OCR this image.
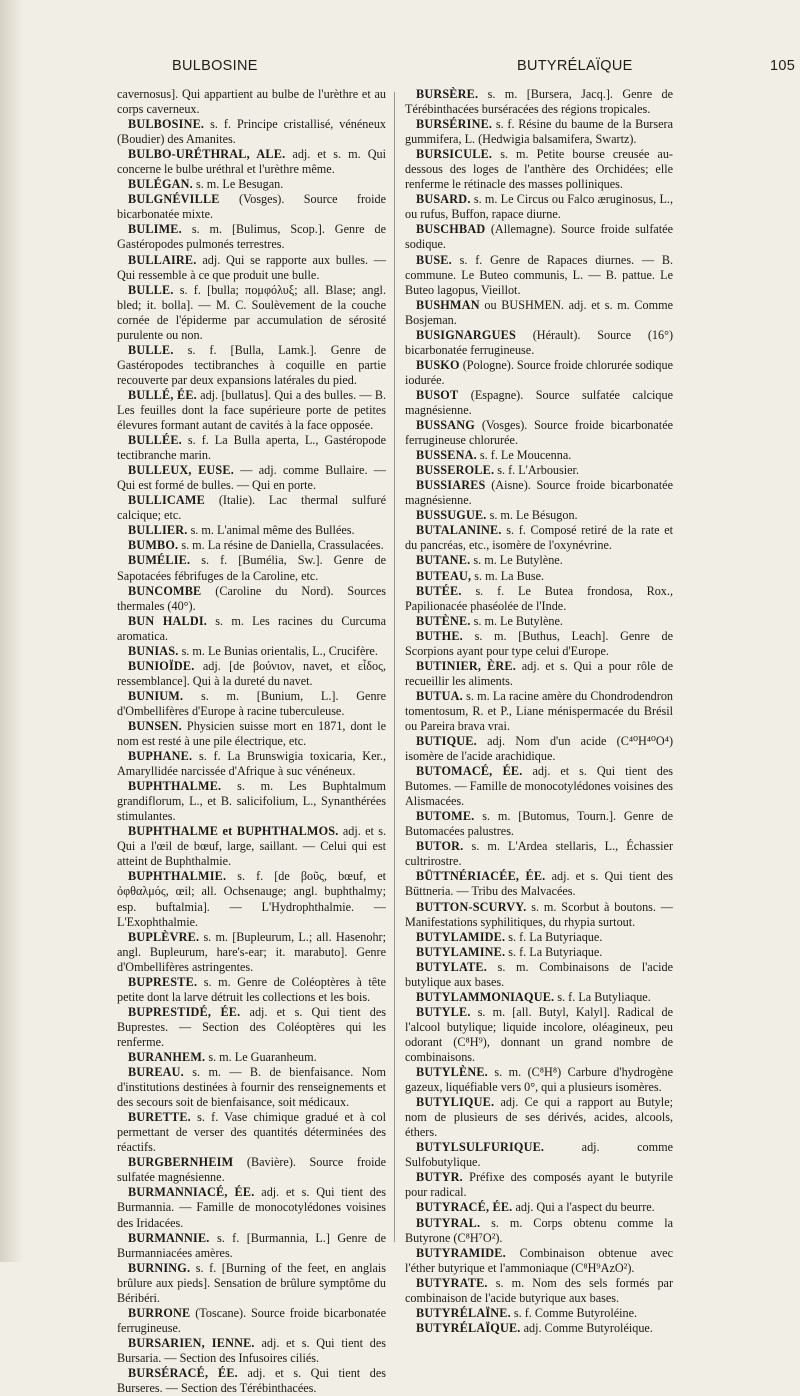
BULBOSINE	BUTYRÉLAÏQUE	105

cavernosus]. Qui appartient au bulbe de l'urèthre et au corps caverneux.

BULBOSINE. s. f. Principe cristallisé, vénéneux (Boudier) des Amanites.

BULBO-URÉTHRAL, ALE. adj. et s. m. Qui concerne le bulbe uréthral et l'urèthre même.

BULÉGAN. s. m. Le Besugan.

BULGNÉVILLE (Vosges). Source froide bicarbonatée mixte.

BULIME. s. m. [Bulimus, Scop.]. Genre de Gastéropodes pulmonés terrestres.

BULLAIRE. adj. Qui se rapporte aux bulles. — Qui ressemble à ce que produit une bulle.

BULLE. s. f. [bulla; πομφόλυξ; all. Blase; angl. bled; it. bolla]. — M. C. Soulèvement de la couche cornée de l'épiderme par accumulation de sérosité purulente ou non.

BULLE. s. f. [Bulla, Lamk.]. Genre de Gastéropodes tectibranches à coquille en partie recouverte par deux expansions latérales du pied.

BULLÉ, ÉE. adj. [bullatus]. Qui a des bulles. — B. Les feuilles dont la face supérieure porte de petites élevures formant autant de cavités à la face opposée.

BULLÉE. s. f. La Bulla aperta, L., Gastéropode tectibranche marin.

BULLEUX, EUSE. — adj. comme Bullaire. — Qui est formé de bulles. — Qui en porte.

BULLICAME (Italie). Lac thermal sulfuré calcique; etc.

BULLIER. s. m. L'animal même des Bullées.

BUMBO. s. m. La résine de Daniella, Crassulacées.

BUMÉLIE. s. f. [Bumélia, Sw.]. Genre de Sapotacées fébrifuges de la Caroline, etc.

BUNCOMBE (Caroline du Nord). Sources thermales (40°).

BUN HALDI. s. m. Les racines du Curcuma aromatica.

BUNIAS. s. m. Le Bunias orientalis, L., Crucifère.

BUNIOÏDE. adj. [de βούνιον, navet, et εἶδος, ressemblance]. Qui à la dureté du navet.

BUNIUM. s. m. [Bunium, L.]. Genre d'Ombellifères d'Europe à racine tuberculeuse.

BUNSEN. Physicien suisse mort en 1871, dont le nom est resté à une pile électrique, etc.

BUPHANE. s. f. La Brunswigia toxicaria, Ker., Amaryllidée narcissée d'Afrique à suc vénéneux.

BUPHTHALME. s. m. Les Buphtalmum grandiflorum, L., et B. salicifolium, L., Synanthérées stimulantes.

BUPHTHALME et BUPHTHALMOS. adj. et s. Qui a l'œil de bœuf, large, saillant. — Celui qui est atteint de Buphthalmie.

BUPHTHALMIE. s. f. [de βοῦς, bœuf, et ὀφθαλμός, œil; all. Ochsenauge; angl. buphthalmy; esp. buftalmia]. — L'Hydrophthalmie. — L'Exophthalmie.

BUPLÈVRE. s. m. [Bupleurum, L.; all. Hasenohr; angl. Bupleurum, hare's-ear; it. marabuto]. Genre d'Ombellifères astringentes.

BUPRESTE. s. m. Genre de Coléoptères à tête petite dont la larve détruit les collections et les bois.

BUPRESTIDÉ, ÉE. adj. et s. Qui tient des Buprestes. — Section des Coléoptères qui les renferme.

BURANHEM. s. m. Le Guaranheum.

BUREAU. s. m. — B. de bienfaisance. Nom d'institutions destinées à fournir des renseignements et des secours soit de bienfaisance, soit médicaux.

BURETTE. s. f. Vase chimique gradué et à col permettant de verser des quantités déterminées des réactifs.

BURGBERNHEIM (Bavière). Source froide sulfatée magnésienne.

BURMANNIACÉ, ÉE. adj. et s. Qui tient des Burmannia. — Famille de monocotylédones voisines des Iridacées.

BURMANNIE. s. f. [Burmannia, L.] Genre de Burmanniacées amères.

BURNING. s. f. [Burning of the feet, en anglais brûlure aux pieds]. Sensation de brûlure symptôme du Béribéri.

BURRONE (Toscane). Source froide bicarbonatée ferrugineuse.

BURSARIEN, IENNE. adj. et s. Qui tient des Bursaria. — Section des Infusoires ciliés.

BURSÉRACÉ, ÉE. adj. et s. Qui tient des Burseres. — Section des Térébinthacées.

BURSÈRE. s. m. [Bursera, Jacq.]. Genre de Térébinthacées burséracées des régions tropicales.

BURSÉRINE. s. f. Résine du baume de la Bursera gummifera, L. (Hedwigia balsamifera, Swartz).

BURSICULE. s. m. Petite bourse creusée au-dessous des loges de l'anthère des Orchidées; elle renferme le rétinacle des masses polliniques.

BUSARD. s. m. Le Circus ou Falco æruginosus, L., ou rufus, Buffon, rapace diurne.

BUSCHBAD (Allemagne). Source froide sulfatée sodique.

BUSE. s. f. Genre de Rapaces diurnes. — B. commune. Le Buteo communis, L. — B. pattue. Le Buteo lagopus, Vieillot.

BUSHMAN ou BUSHMEN. adj. et s. m. Comme Bosjeman.

BUSIGNARGUES (Hérault). Source (16°) bicarbonatée ferrugineuse.

BUSKO (Pologne). Source froide chlorurée sodique iodurée.

BUSOT (Espagne). Source sulfatée calcique magnésienne.

BUSSANG (Vosges). Source froide bicarbonatée ferrugineuse chlorurée.

BUSSENA. s. f. Le Moucenna.

BUSSEROLE. s. f. L'Arbousier.

BUSSIARES (Aisne). Source froide bicarbonatée magnésienne.

BUSSUGUE. s. m. Le Bésugon.

BUTALANINE. s. f. Composé retiré de la rate et du pancréas, etc., isomère de l'oxynévrine.

BUTANE. s. m. Le Butylène.

BUTEAU, s. m. La Buse.

BUTÉE. s. f. Le Butea frondosa, Rox., Papilionacée phaséolée de l'Inde.

BUTÈNE. s. m. Le Butylène.

BUTHE. s. m. [Buthus, Leach]. Genre de Scorpions ayant pour type celui d'Europe.

BUTINIER, ÈRE. adj. et s. Qui a pour rôle de recueillir les aliments.

BUTUA. s. m. La racine amère du Chondrodendron tomentosum, R. et P., Liane ménispermacée du Brésil ou Pareira brava vrai.

BUTIQUE. adj. Nom d'un acide (C⁴⁰H⁴⁰O⁴) isomère de l'acide arachidique.

BUTOMACÉ, ÉE. adj. et s. Qui tient des Butomes. — Famille de monocotylédones voisines des Alismacées.

BUTOME. s. m. [Butomus, Tourn.]. Genre de Butomacées palustres.

BUTOR. s. m. L'Ardea stellaris, L., Échassier cultrirostre.

BÜTTNÉRIACÉE, ÉE. adj. et s. Qui tient des Büttneria. — Tribu des Malvacées.

BUTTON-SCURVY. s. m. Scorbut à boutons. — Manifestations syphilitiques, du rhypia surtout.

BUTYLAMIDE. s. f. La Butyriaque.

BUTYLAMINE. s. f. La Butyriaque.

BUTYLATE. s. m. Combinaisons de l'acide butylique aux bases.

BUTYLAMMONIAQUE. s. f. La Butyliaque.

BUTYLE. s. m. [all. Butyl, Kalyl]. Radical de l'alcool butylique; liquide incolore, oléagineux, peu odorant (C⁸H⁹), donnant un grand nombre de combinaisons.

BUTYLÈNE. s. m. (C⁸H⁸) Carbure d'hydrogène gazeux, liquéfiable vers 0°, qui a plusieurs isomères.

BUTYLIQUE. adj. Ce qui a rapport au Butyle; nom de plusieurs de ses dérivés, acides, alcools, éthers.

BUTYLSULFURIQUE.	adj. comme Sulfobutylique.

BUTYR. Préfixe des composés ayant le butyrile pour radical.

BUTYRACÉ, ÉE. adj. Qui a l'aspect du beurre.

BUTYRAL. s. m. Corps obtenu comme la Butyrone (C⁸H⁷O²).

BUTYRAMIDE. Combinaison obtenue avec l'éther butyrique et l'ammoniaque (C⁸H⁹AzO²).

BUTYRATE. s. m. Nom des sels formés par combinaison de l'acide butyrique aux bases.

BUTYRÉLAÏNE. s. f. Comme Butyroléine.

BUTYRÉLAÏQUE. adj. Comme Butyroléique.
